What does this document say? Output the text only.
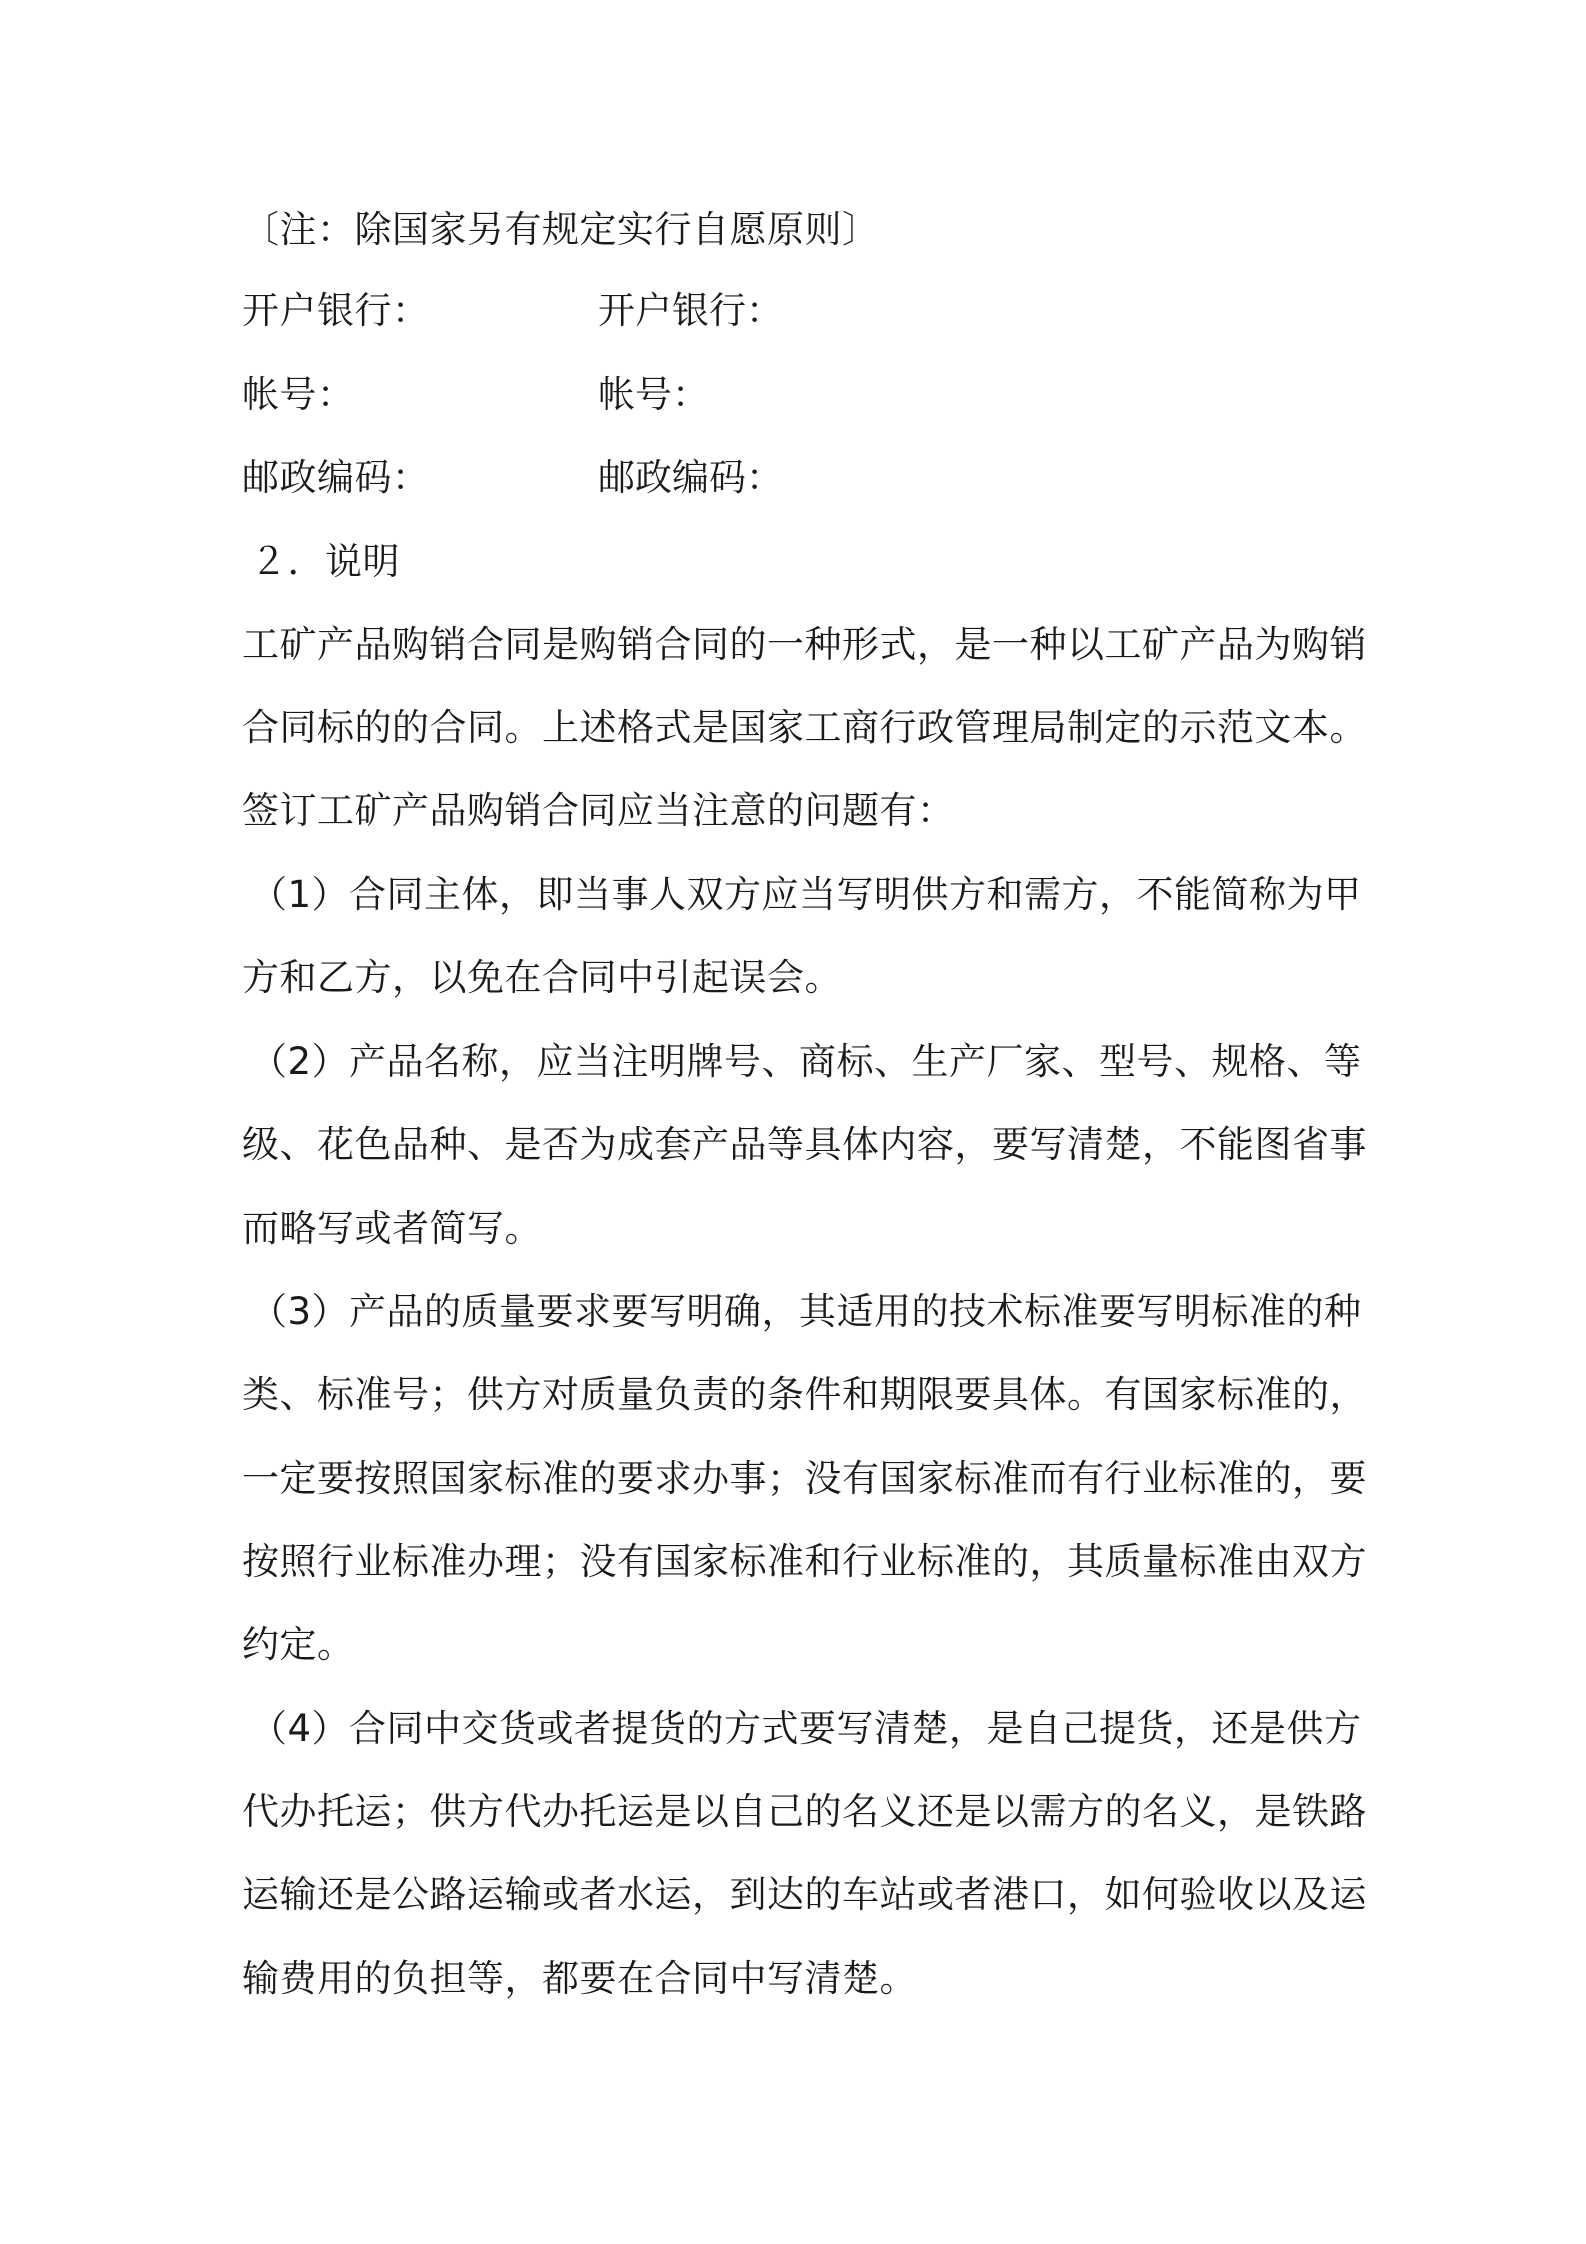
〔注：除国家另有规定实行自愿原则〕
开户银行：	开户银行：
帐号：	帐号：
邮政编码：	邮政编码：
２．说明
工矿产品购销合同是购销合同的一种形式，是一种以工矿产品为购销
合同标的的合同。上述格式是国家工商行政管理局制定的示范文本。
签订工矿产品购销合同应当注意的问题有：
（1）合同主体，即当事人双方应当写明供方和需方，不能简称为甲
方和乙方，以免在合同中引起误会。
（2）产品名称，应当注明牌号、商标、生产厂家、型号、规格、等
级、花色品种、是否为成套产品等具体内容，要写清楚，不能图省事
而略写或者简写。
（3）产品的质量要求要写明确，其适用的技术标准要写明标准的种
类、标准号；供方对质量负责的条件和期限要具体。有国家标准的，
一定要按照国家标准的要求办事；没有国家标准而有行业标准的，要
按照行业标准办理；没有国家标准和行业标准的，其质量标准由双方
约定。
（4）合同中交货或者提货的方式要写清楚，是自己提货，还是供方
代办托运；供方代办托运是以自己的名义还是以需方的名义，是铁路
运输还是公路运输或者水运，到达的车站或者港口，如何验收以及运
输费用的负担等，都要在合同中写清楚。
